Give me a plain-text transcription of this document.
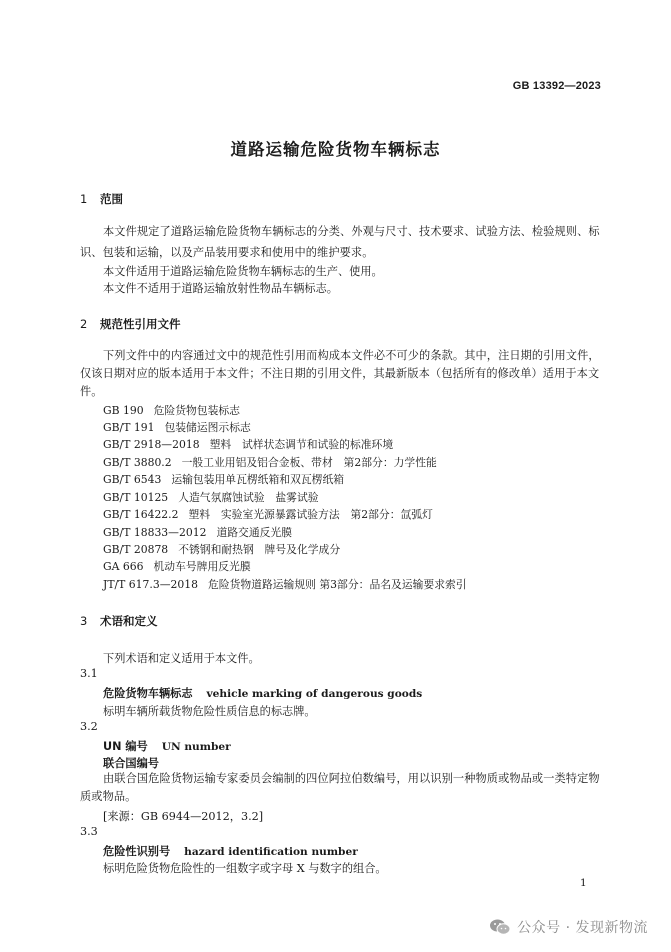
GB 13392—2023
道路运输危险货物车辆标志
1 范围
本文件规定了道路运输危险货物车辆标志的分类、外观与尺寸、技术要求、试验方法、检验规则、标识、包装和运输，以及产品装用要求和使用中的维护要求。
本文件适用于道路运输危险货物车辆标志的生产、使用。
本文件不适用于道路运输放射性物品车辆标志。
2 规范性引用文件
下列文件中的内容通过文中的规范性引用而构成本文件必不可少的条款。其中，注日期的引用文件，仅该日期对应的版本适用于本文件；不注日期的引用文件，其最新版本（包括所有的修改单）适用于本文件。
GB 190 危险货物包装标志
GB/T 191 包装储运图示标志
GB/T 2918—2018 塑料　试样状态调节和试验的标准环境
GB/T 3880.2 一般工业用铝及铝合金板、带材　第2部分：力学性能
GB/T 6543 运输包装用单瓦楞纸箱和双瓦楞纸箱
GB/T 10125 人造气氛腐蚀试验　盐雾试验
GB/T 16422.2 塑料　实验室光源暴露试验方法　第2部分：氙弧灯
GB/T 18833—2012 道路交通反光膜
GB/T 20878 不锈钢和耐热钢　牌号及化学成分
GA 666 机动车号牌用反光膜
JT/T 617.3—2018 危险货物道路运输规则 第3部分：品名及运输要求索引
3 术语和定义
下列术语和定义适用于本文件。
3.1
危险货物车辆标志 vehicle marking of dangerous goods
标明车辆所载货物危险性质信息的标志牌。
3.2
UN 编号 UN number
联合国编号
由联合国危险货物运输专家委员会编制的四位阿拉伯数编号，用以识别一种物质或物品或一类特定物质或物品。
[来源：GB 6944—2012，3.2]
3.3
危险性识别号 hazard identification number
标明危险货物危险性的一组数字或字母 X 与数字的组合。
1
公众号 · 发现新物流
